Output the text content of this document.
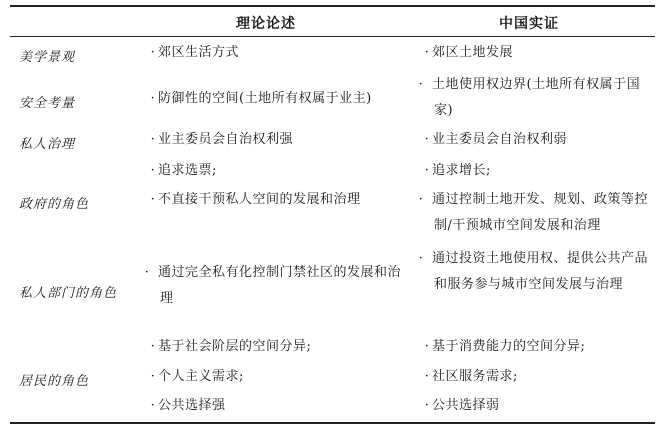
理论论述	中国实证
美学景观
安全考量
私人治理
政府的角色
私人部门的角色
居民的角色
· 郊区生活方式
· 防御性的空间(土地所有权属于业主)
· 业主委员会自治权利强
· 追求选票;
· 不直接干预私人空间的发展和治理
· 通过完全私有化控制门禁社区的发展和治理
· 基于社会阶层的空间分异;
· 个人主义需求;
· 公共选择强
· 郊区土地发展
· 土地使用权边界(土地所有权属于国家)
· 业主委员会自治权利弱
· 追求增长;
· 通过控制土地开发、规划、政策等控制/干预城市空间发展和治理
· 通过投资土地使用权、提供公共产品和服务参与城市空间发展与治理
· 基于消费能力的空间分异;
· 社区服务需求;
· 公共选择弱
